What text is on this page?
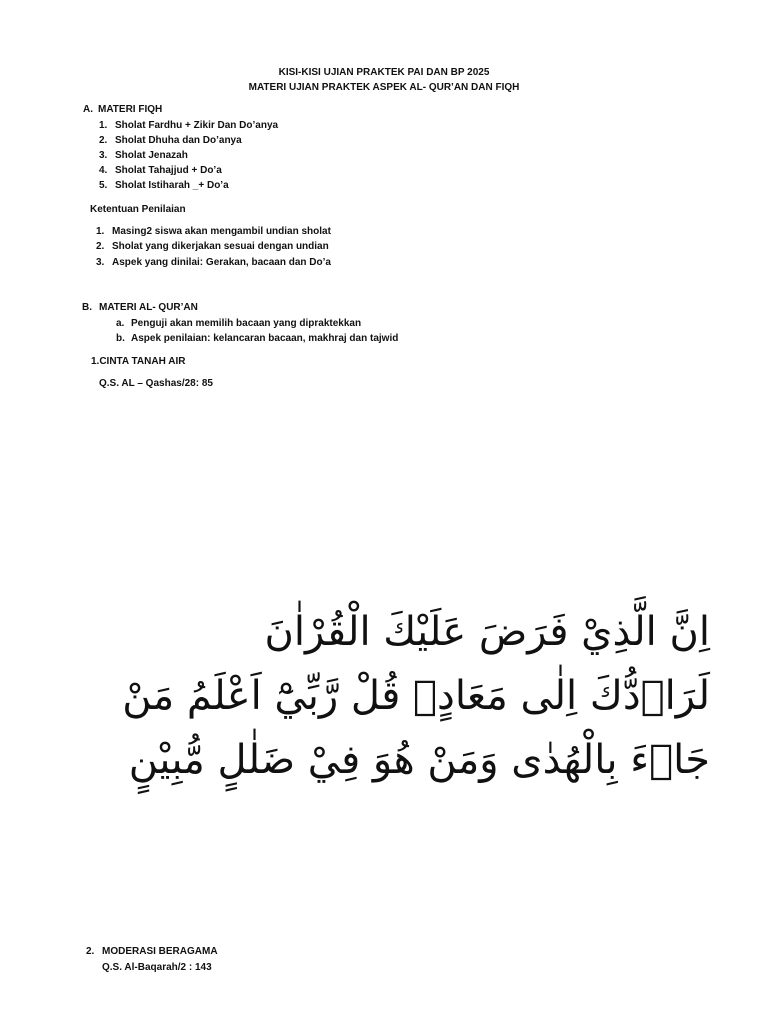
KISI-KISI UJIAN PRAKTEK PAI DAN BP 2025
MATERI UJIAN PRAKTEK ASPEK AL- QUR’AN DAN FIQH
A. MATERI FIQH
1. Sholat Fardhu + Zikir Dan Do’anya
2. Sholat Dhuha dan Do’anya
3. Sholat Jenazah
4. Sholat Tahajjud + Do’a
5. Sholat Istiharah _+ Do’a
Ketentuan Penilaian
1. Masing2 siswa akan mengambil undian sholat
2. Sholat yang dikerjakan sesuai dengan undian
3. Aspek yang dinilai: Gerakan, bacaan dan Do’a
B. MATERI AL- QUR’AN
a. Penguji akan memilih bacaan yang dipraktekkan
b. Aspek penilaian: kelancaran bacaan, makhraj dan tajwid
1.CINTA TANAH AIR
Q.S. AL – Qashas/28: 85
اِنَّ الَّذِيْ فَرَضَ عَلَيْكَ الْقُرْاٰنَ
لَرَاۤدُّكَ اِلٰى مَعَادٍۗ قُلْ رَّبِّيْٓ اَعْلَمُ مَنْ
جَاۤءَ بِالْهُدٰى وَمَنْ هُوَ فِيْ ضَلٰلٍ مُّبِيْنٍ
2. MODERASI BERAGAMA
Q.S. Al-Baqarah/2 : 143
